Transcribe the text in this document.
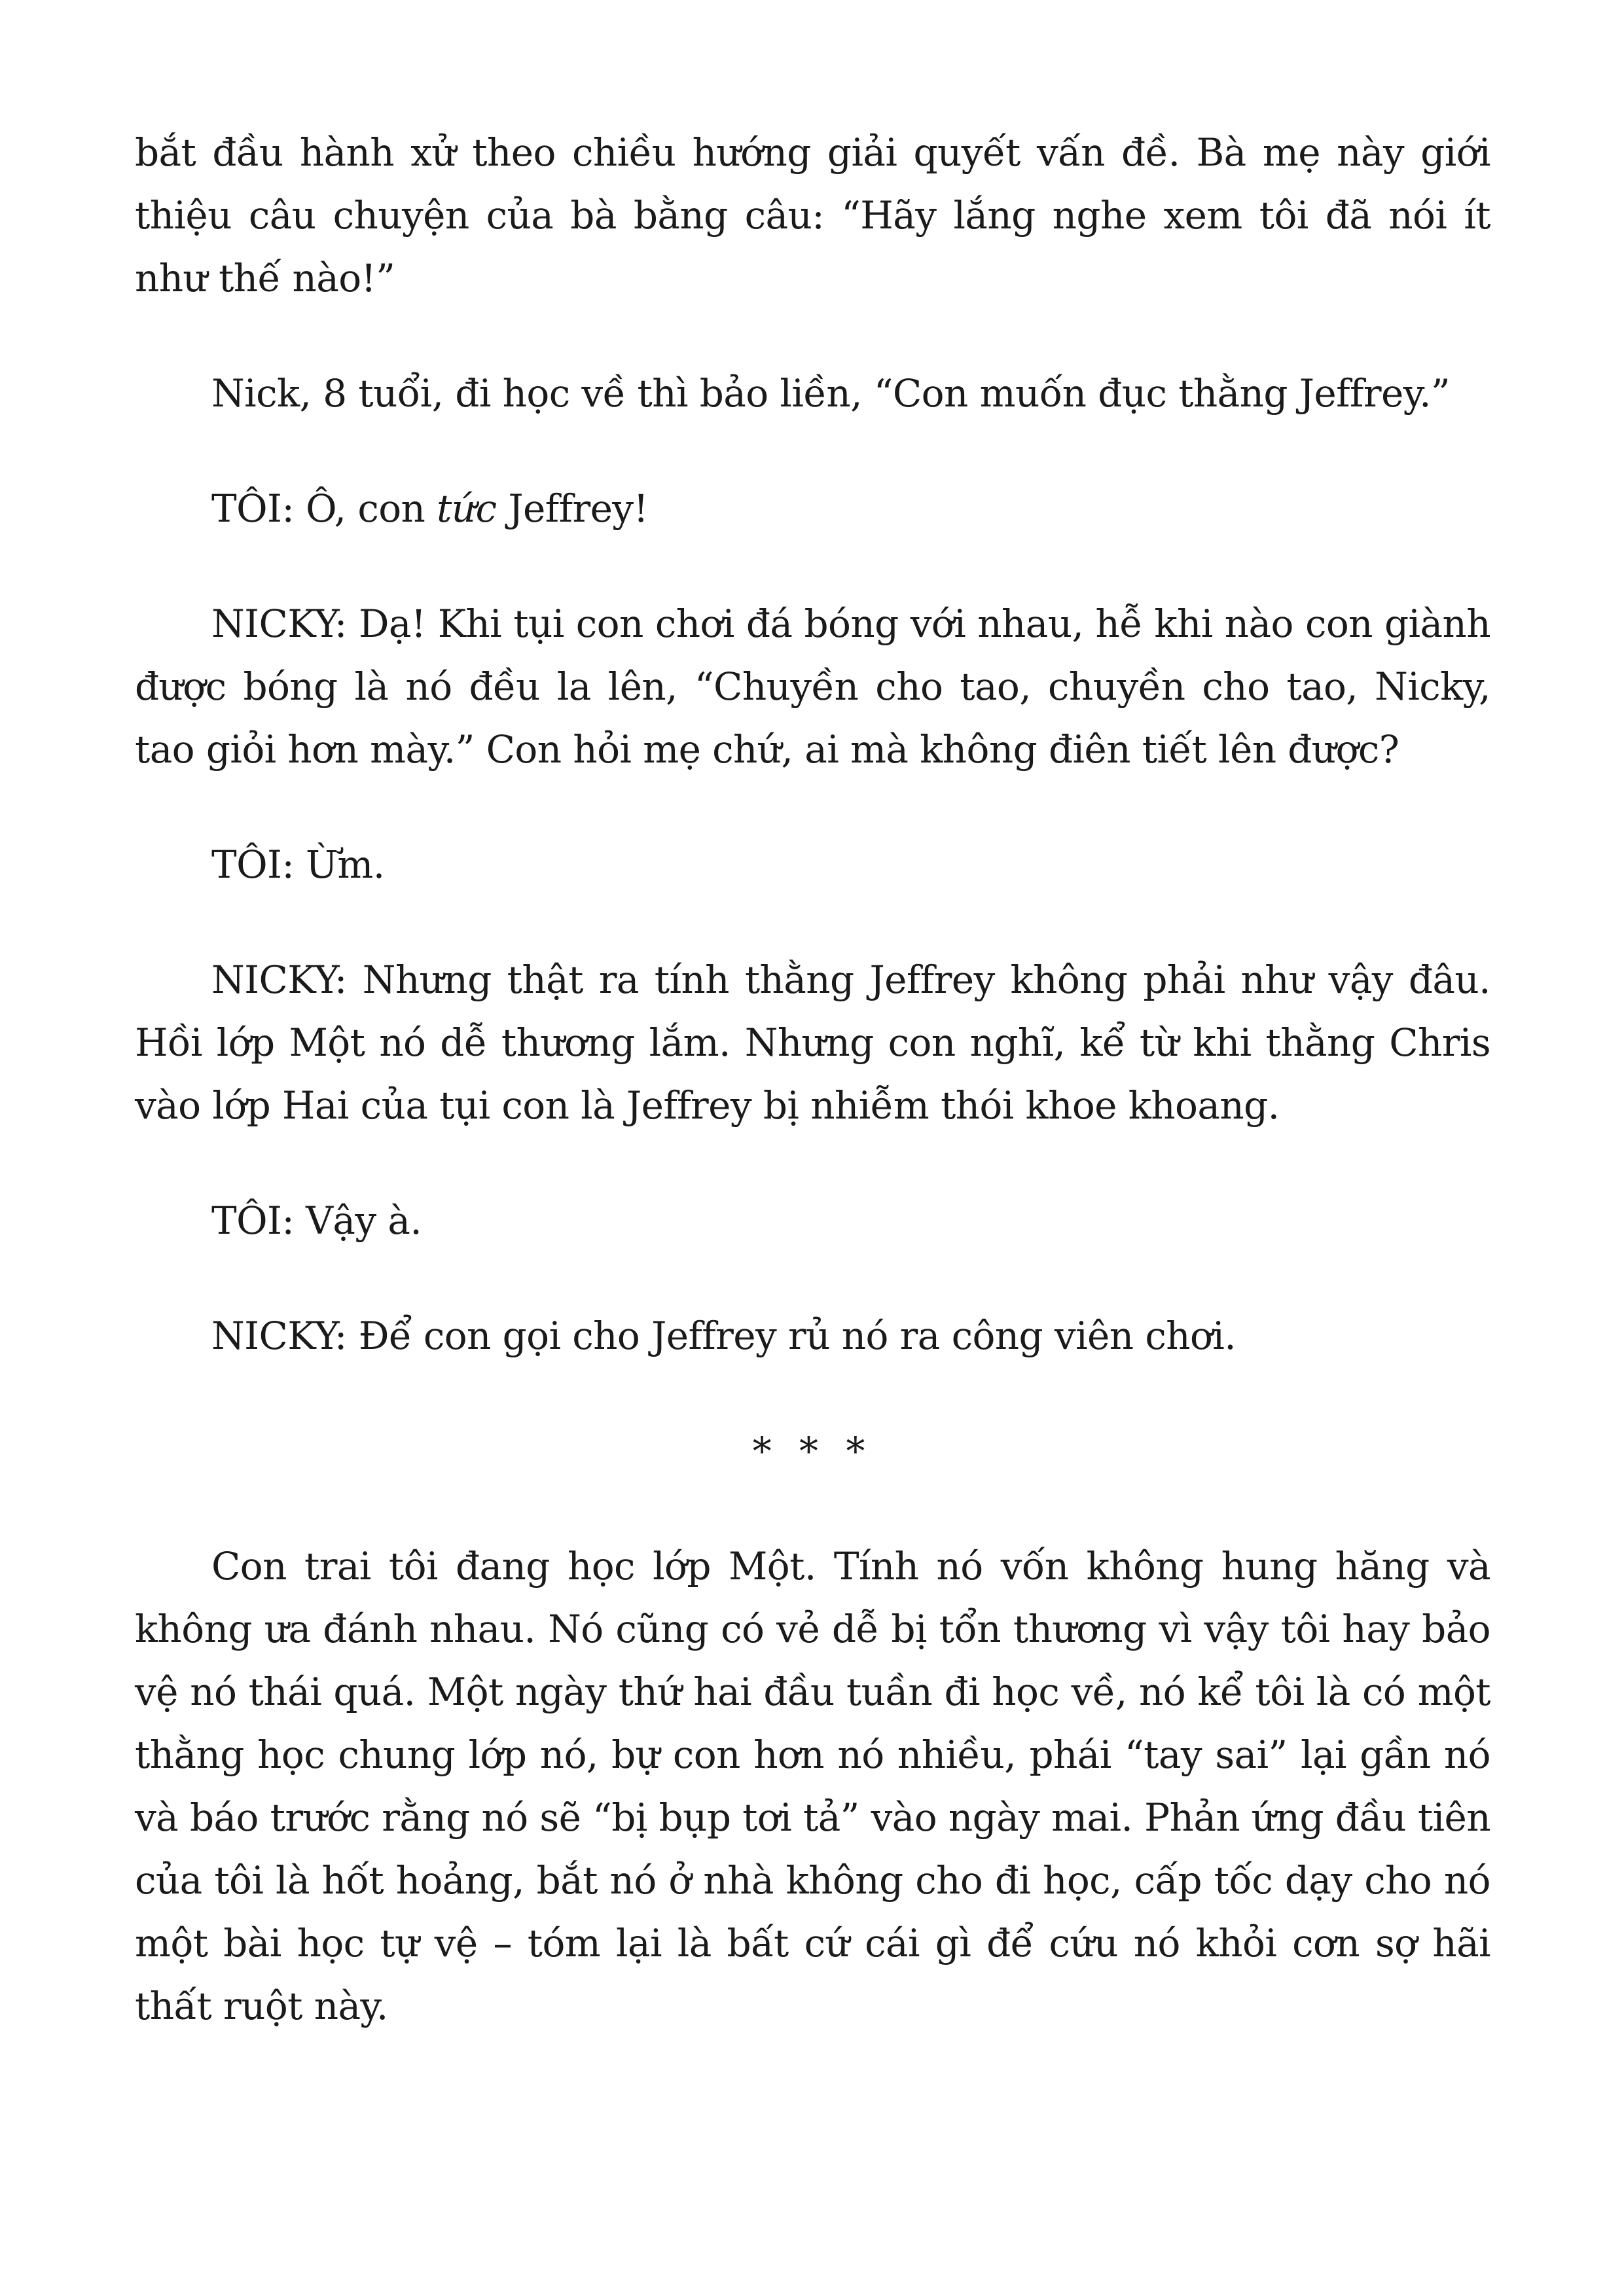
bắt đầu hành xử theo chiều hướng giải quyết vấn đề. Bà mẹ này giới thiệu câu chuyện của bà bằng câu: “Hãy lắng nghe xem tôi đã nói ít như thế nào!”

Nick, 8 tuổi, đi học về thì bảo liền, “Con muốn đục thằng Jeffrey.”

TÔI: Ô, con tức Jeffrey!

NICKY: Dạ! Khi tụi con chơi đá bóng với nhau, hễ khi nào con giành được bóng là nó đều la lên, “Chuyền cho tao, chuyền cho tao, Nicky, tao giỏi hơn mày.” Con hỏi mẹ chứ, ai mà không điên tiết lên được?

TÔI: Ừm.

NICKY: Nhưng thật ra tính thằng Jeffrey không phải như vậy đâu. Hồi lớp Một nó dễ thương lắm. Nhưng con nghĩ, kể từ khi thằng Chris vào lớp Hai của tụi con là Jeffrey bị nhiễm thói khoe khoang.

TÔI: Vậy à.

NICKY: Để con gọi cho Jeffrey rủ nó ra công viên chơi.

* * *

Con trai tôi đang học lớp Một. Tính nó vốn không hung hăng và không ưa đánh nhau. Nó cũng có vẻ dễ bị tổn thương vì vậy tôi hay bảo vệ nó thái quá. Một ngày thứ hai đầu tuần đi học về, nó kể tôi là có một thằng học chung lớp nó, bự con hơn nó nhiều, phái “tay sai” lại gần nó và báo trước rằng nó sẽ “bị bụp tơi tả” vào ngày mai. Phản ứng đầu tiên của tôi là hốt hoảng, bắt nó ở nhà không cho đi học, cấp tốc dạy cho nó một bài học tự vệ – tóm lại là bất cứ cái gì để cứu nó khỏi cơn sợ hãi thất ruột này.
